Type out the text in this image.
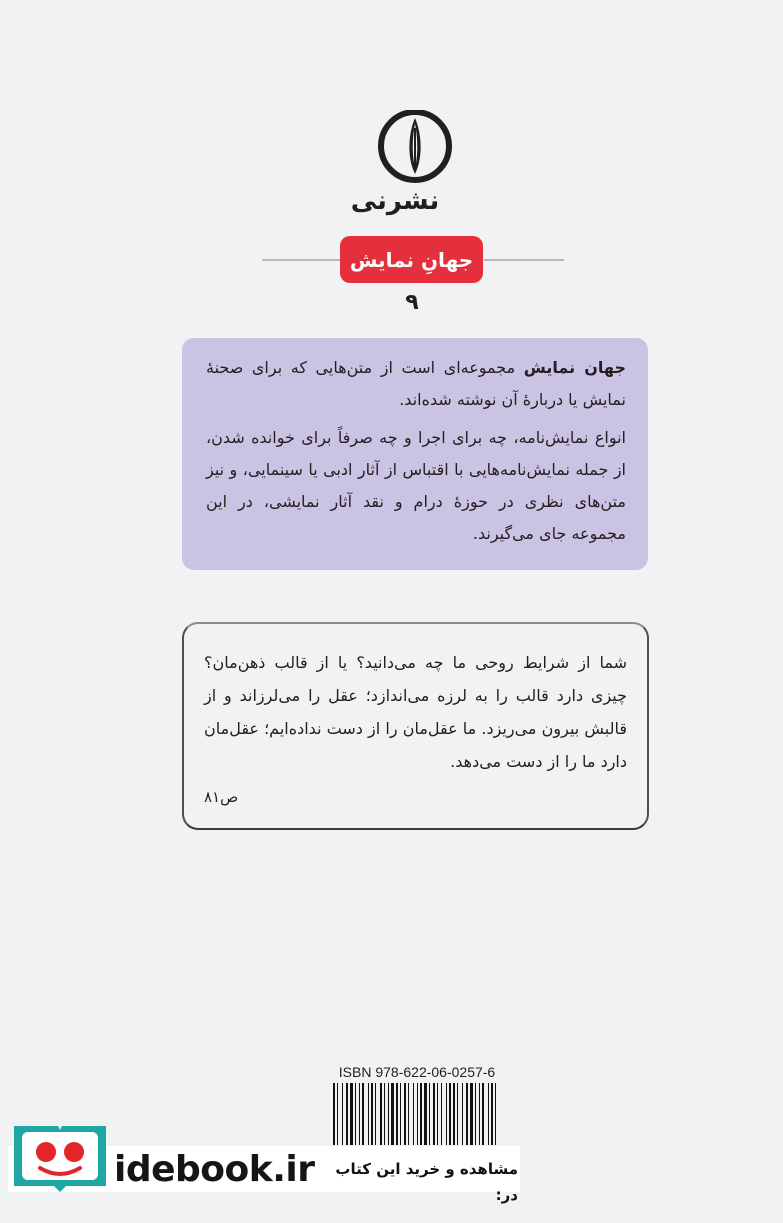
نشرنی
جهانِ نمایش
۹

جهان نمایش مجموعه‌ای است از متن‌هایی که برای صحنهٔ نمایش یا دربارهٔ آن نوشته شده‌اند.

انواع نمایش‌نامه، چه برای اجرا و چه صرفاً برای خوانده شدن، از جمله نمایش‌نامه‌هایی با اقتباس از آثار ادبی یا سینمایی، و نیز متن‌های نظری در حوزهٔ درام و نقد آثار نمایشی، در این مجموعه جای می‌گیرند.

شما از شرایط روحی ما چه می‌دانید؟ یا از قالب ذهن‌مان؟ چیزی دارد قالب را به لرزه می‌اندازد؛ عقل را می‌لرزاند و از قالبش بیرون می‌ریزد. ما عقل‌مان را از دست نداده‌ایم؛ عقل‌مان دارد ما را از دست می‌دهد.

ص۸۱
ISBN 978-622-06-0257-6
idebook.ir	مشاهده و خرید این کتاب در:
